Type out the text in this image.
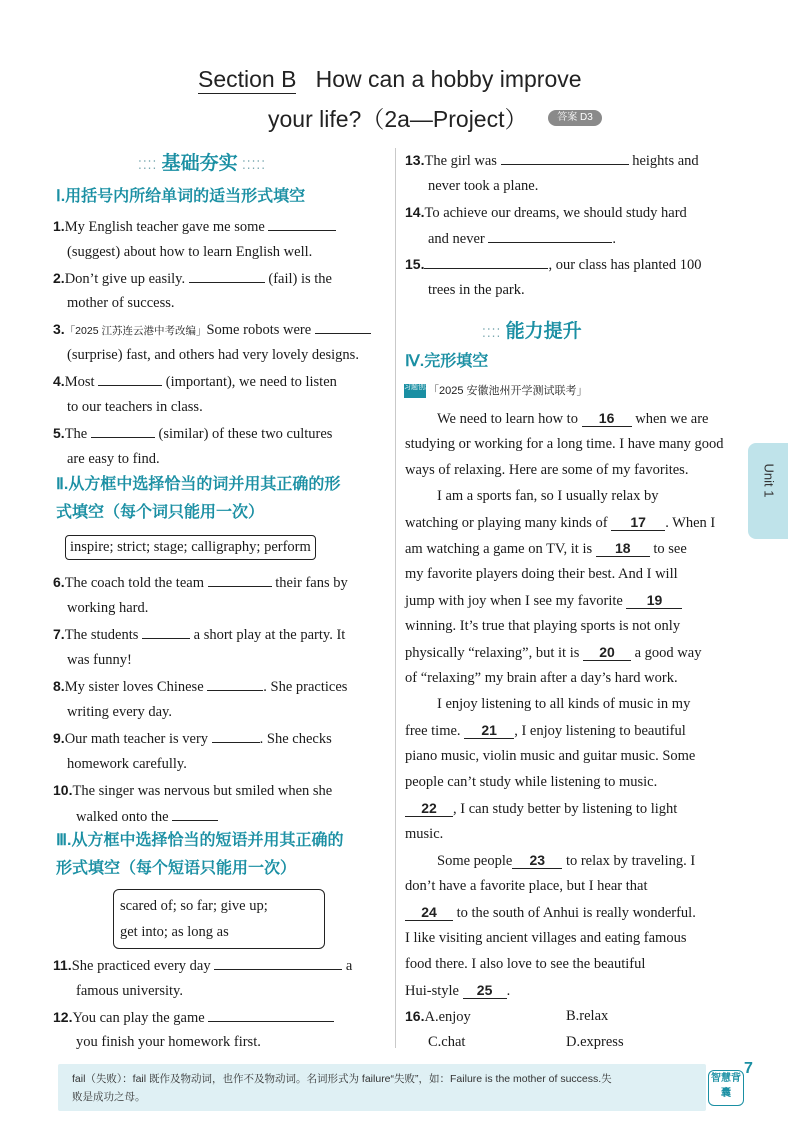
Section B How can a hobby improve
your life?（2a—Project）	答案 D3
⁚⁚⁚⁚ 基础夯实 ⁚⁚⁚⁚⁚
Ⅰ.用括号内所给单词的适当形式填空
1.My English teacher gave me some
(suggest) about how to learn English well.
2.Don’t give up easily.	(fail) is the
mother of success.
3.「2025 江苏连云港中考改编」Some robots were
(surprise) fast, and others had very lovely designs.
4.Most	(important), we need to listen
to our teachers in class.
5.The	(similar) of these two cultures
are easy to find.
Ⅱ.从方框中选择恰当的词并用其正确的形
式填空（每个词只能用一次）
inspire; strict; stage; calligraphy; perform
6.The coach told the team	their fans by
working hard.
7.The students	a short play at the party. It
was funny!
8.My sister loves Chinese	. She practices
writing every day.
9.Our math teacher is very	. She checks
homework carefully.
10.The singer was nervous but smiled when she
walked onto the
Ⅲ.从方框中选择恰当的短语并用其正确的
形式填空（每个短语只能用一次）
scared of; so far; give up;
get into; as long as
11.She practiced every day	a
famous university.
12.You can play the game
you finish your homework first.
13.The girl was	heights and
never took a plane.
14.To achieve our dreams, we should study hard
and never	.
15.	, our class has planted 100
trees in the park.
⁚⁚⁚⁚ 能力提升
Ⅳ.完形填空
习题创新「2025 安徽池州开学测试联考」
We need to learn how to 16 when we are
studying or working for a long time. I have many good
ways of relaxing. Here are some of my favorites.
I am a sports fan, so I usually relax by
watching or playing many kinds of 17 . When I
am watching a game on TV, it is 18 to see
my favorite players doing their best. And I will
jump with joy when I see my favorite 19
winning. It’s true that playing sports is not only
physically “relaxing”, but it is 20 a good way
of “relaxing” my brain after a day’s hard work.
I enjoy listening to all kinds of music in my
free time. 21 , I enjoy listening to beautiful
piano music, violin music and guitar music. Some
people can’t study while listening to music.
22 , I can study better by listening to light
music.
Some people 23 to relax by traveling. I
don’t have a favorite place, but I hear that
24 to the south of Anhui is really wonderful.
I like visiting ancient villages and eating famous
food there. I also love to see the beautiful
Hui-style 25 .
16.A.enjoy	B.relax
C.chat	D.express
Unit 1
fail（失败）：fail 既作及物动词，也作不及物动词。名词形式为 failure“失败”，如：Failure is the mother of success.失
败是成功之母。
智慧背囊
7
